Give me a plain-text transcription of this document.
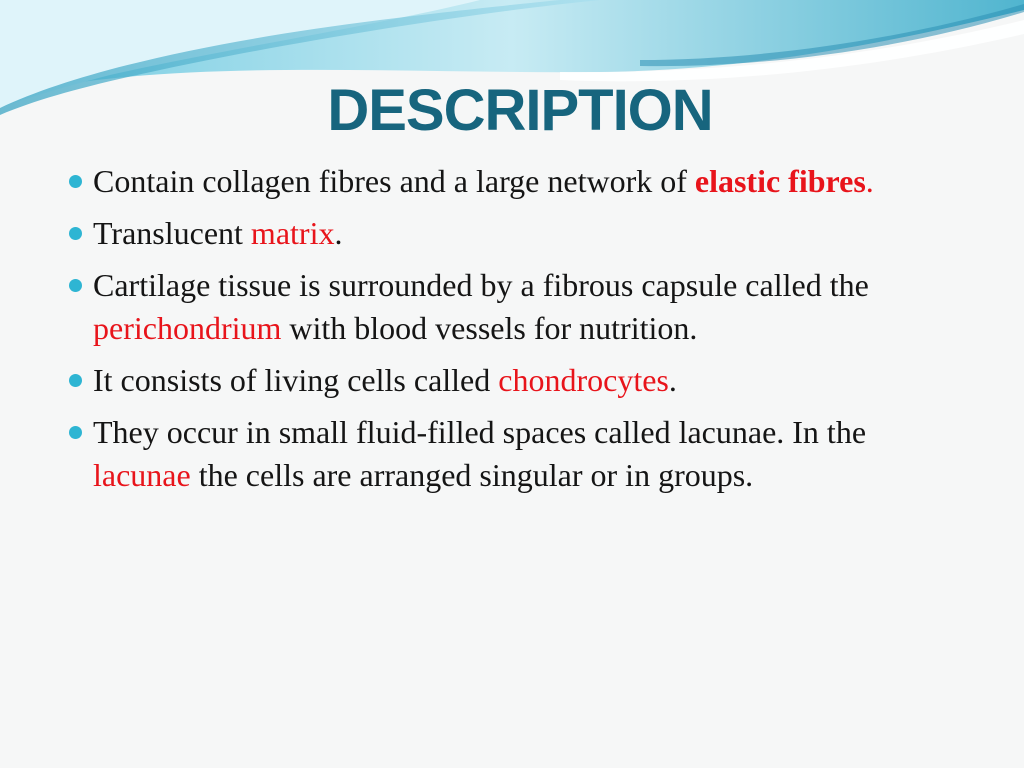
DESCRIPTION
Contain collagen fibres and a large network of elastic fibres.
Translucent matrix.
Cartilage tissue is surrounded by a fibrous capsule called the perichondrium with blood vessels for nutrition.
It consists of living cells called chondrocytes.
They occur in small fluid-filled spaces called lacunae. In the lacunae the cells are arranged singular or in groups.
